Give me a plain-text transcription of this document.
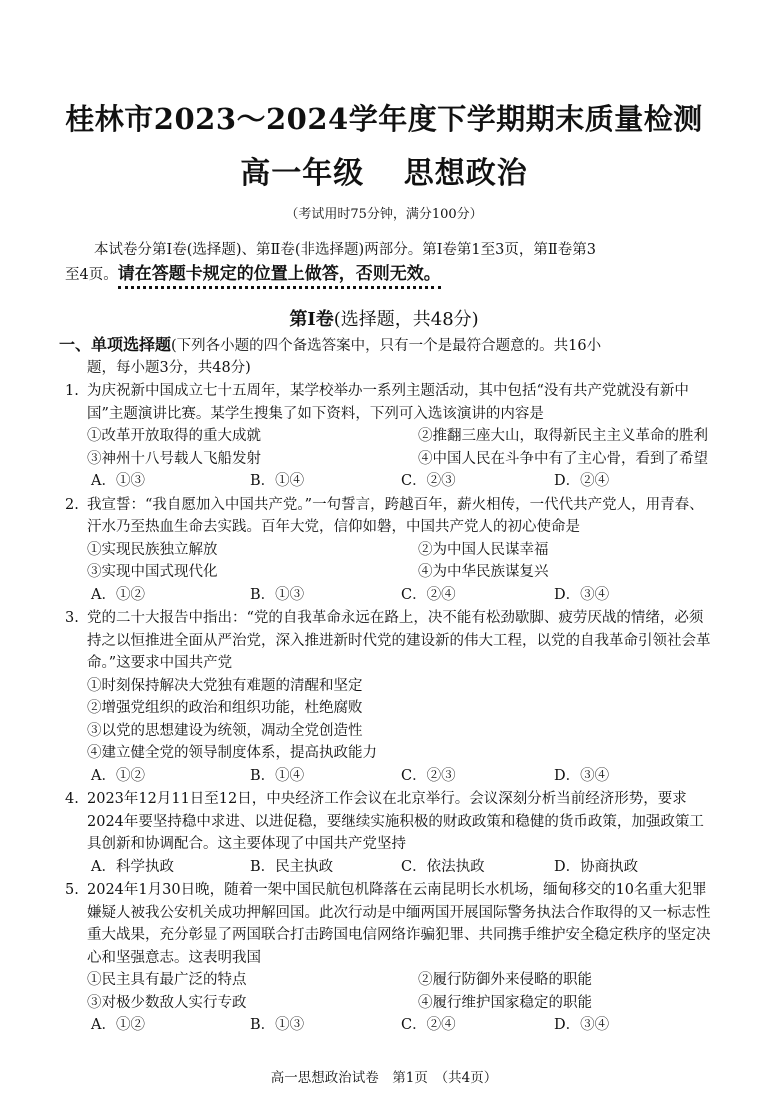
桂林市2023～2024学年度下学期期末质量检测
高一年级 思想政治
（考试用时75分钟，满分100分）
本试卷分第Ⅰ卷(选择题)、第Ⅱ卷(非选择题)两部分。第Ⅰ卷第1至3页，第Ⅱ卷第3
至4页。请在答题卡规定的位置上做答，否则无效。
第Ⅰ卷(选择题，共48分)
一、单项选择题(下列各小题的四个备选答案中，只有一个是最符合题意的。共16小
题，每小题3分，共48分)
1. 为庆祝新中国成立七十五周年，某学校举办一系列主题活动，其中包括“没有共产党就没有新中国”主题演讲比赛。某学生搜集了如下资料，下列可入选该演讲的内容是
①改革开放取得的重大成就	②推翻三座大山，取得新民主主义革命的胜利
③神州十八号载人飞船发射	④中国人民在斗争中有了主心骨，看到了希望
A．①③	B．①④	C．②③	D．②④
2. 我宣誓：“我自愿加入中国共产党。”一句誓言，跨越百年，薪火相传，一代代共产党人，用青春、汗水乃至热血生命去实践。百年大党，信仰如磐，中国共产党人的初心使命是
①实现民族独立解放	②为中国人民谋幸福
③实现中国式现代化	④为中华民族谋复兴
A．①②	B．①③	C．②④	D．③④
3. 党的二十大报告中指出：“党的自我革命永远在路上，决不能有松劲歇脚、疲劳厌战的情绪，必须持之以恒推进全面从严治党，深入推进新时代党的建设新的伟大工程，以党的自我革命引领社会革命。”这要求中国共产党
①时刻保持解决大党独有难题的清醒和坚定
②增强党组织的政治和组织功能，杜绝腐败
③以党的思想建设为统领，凋动全党创造性
④建立健全党的领导制度体系，提高执政能力
A．①②	B．①④	C．②③	D．③④
4. 2023年12月11日至12日，中央经济工作会议在北京举行。会议深刻分析当前经济形势，要求2024年要坚持稳中求进、以进促稳，要继续实施积极的财政政策和稳健的货币政策，加强政策工具创新和协调配合。这主要体现了中国共产党坚持
A．科学执政	B．民主执政	C．依法执政	D．协商执政
5. 2024年1月30日晚，随着一架中国民航包机降落在云南昆明长水机场，缅甸移交的10名重大犯罪嫌疑人被我公安机关成功押解回国。此次行动是中缅两国开展国际警务执法合作取得的又一标志性重大战果，充分彰显了两国联合打击跨国电信网络诈骗犯罪、共同携手维护安全稳定秩序的坚定决心和坚强意志。这表明我国
①民主具有最广泛的特点	②履行防御外来侵略的职能
③对极少数敌人实行专政	④履行维护国家稳定的职能
A．①②	B．①③	C．②④	D．③④
高一思想政治试卷　第1页　（共4页）
